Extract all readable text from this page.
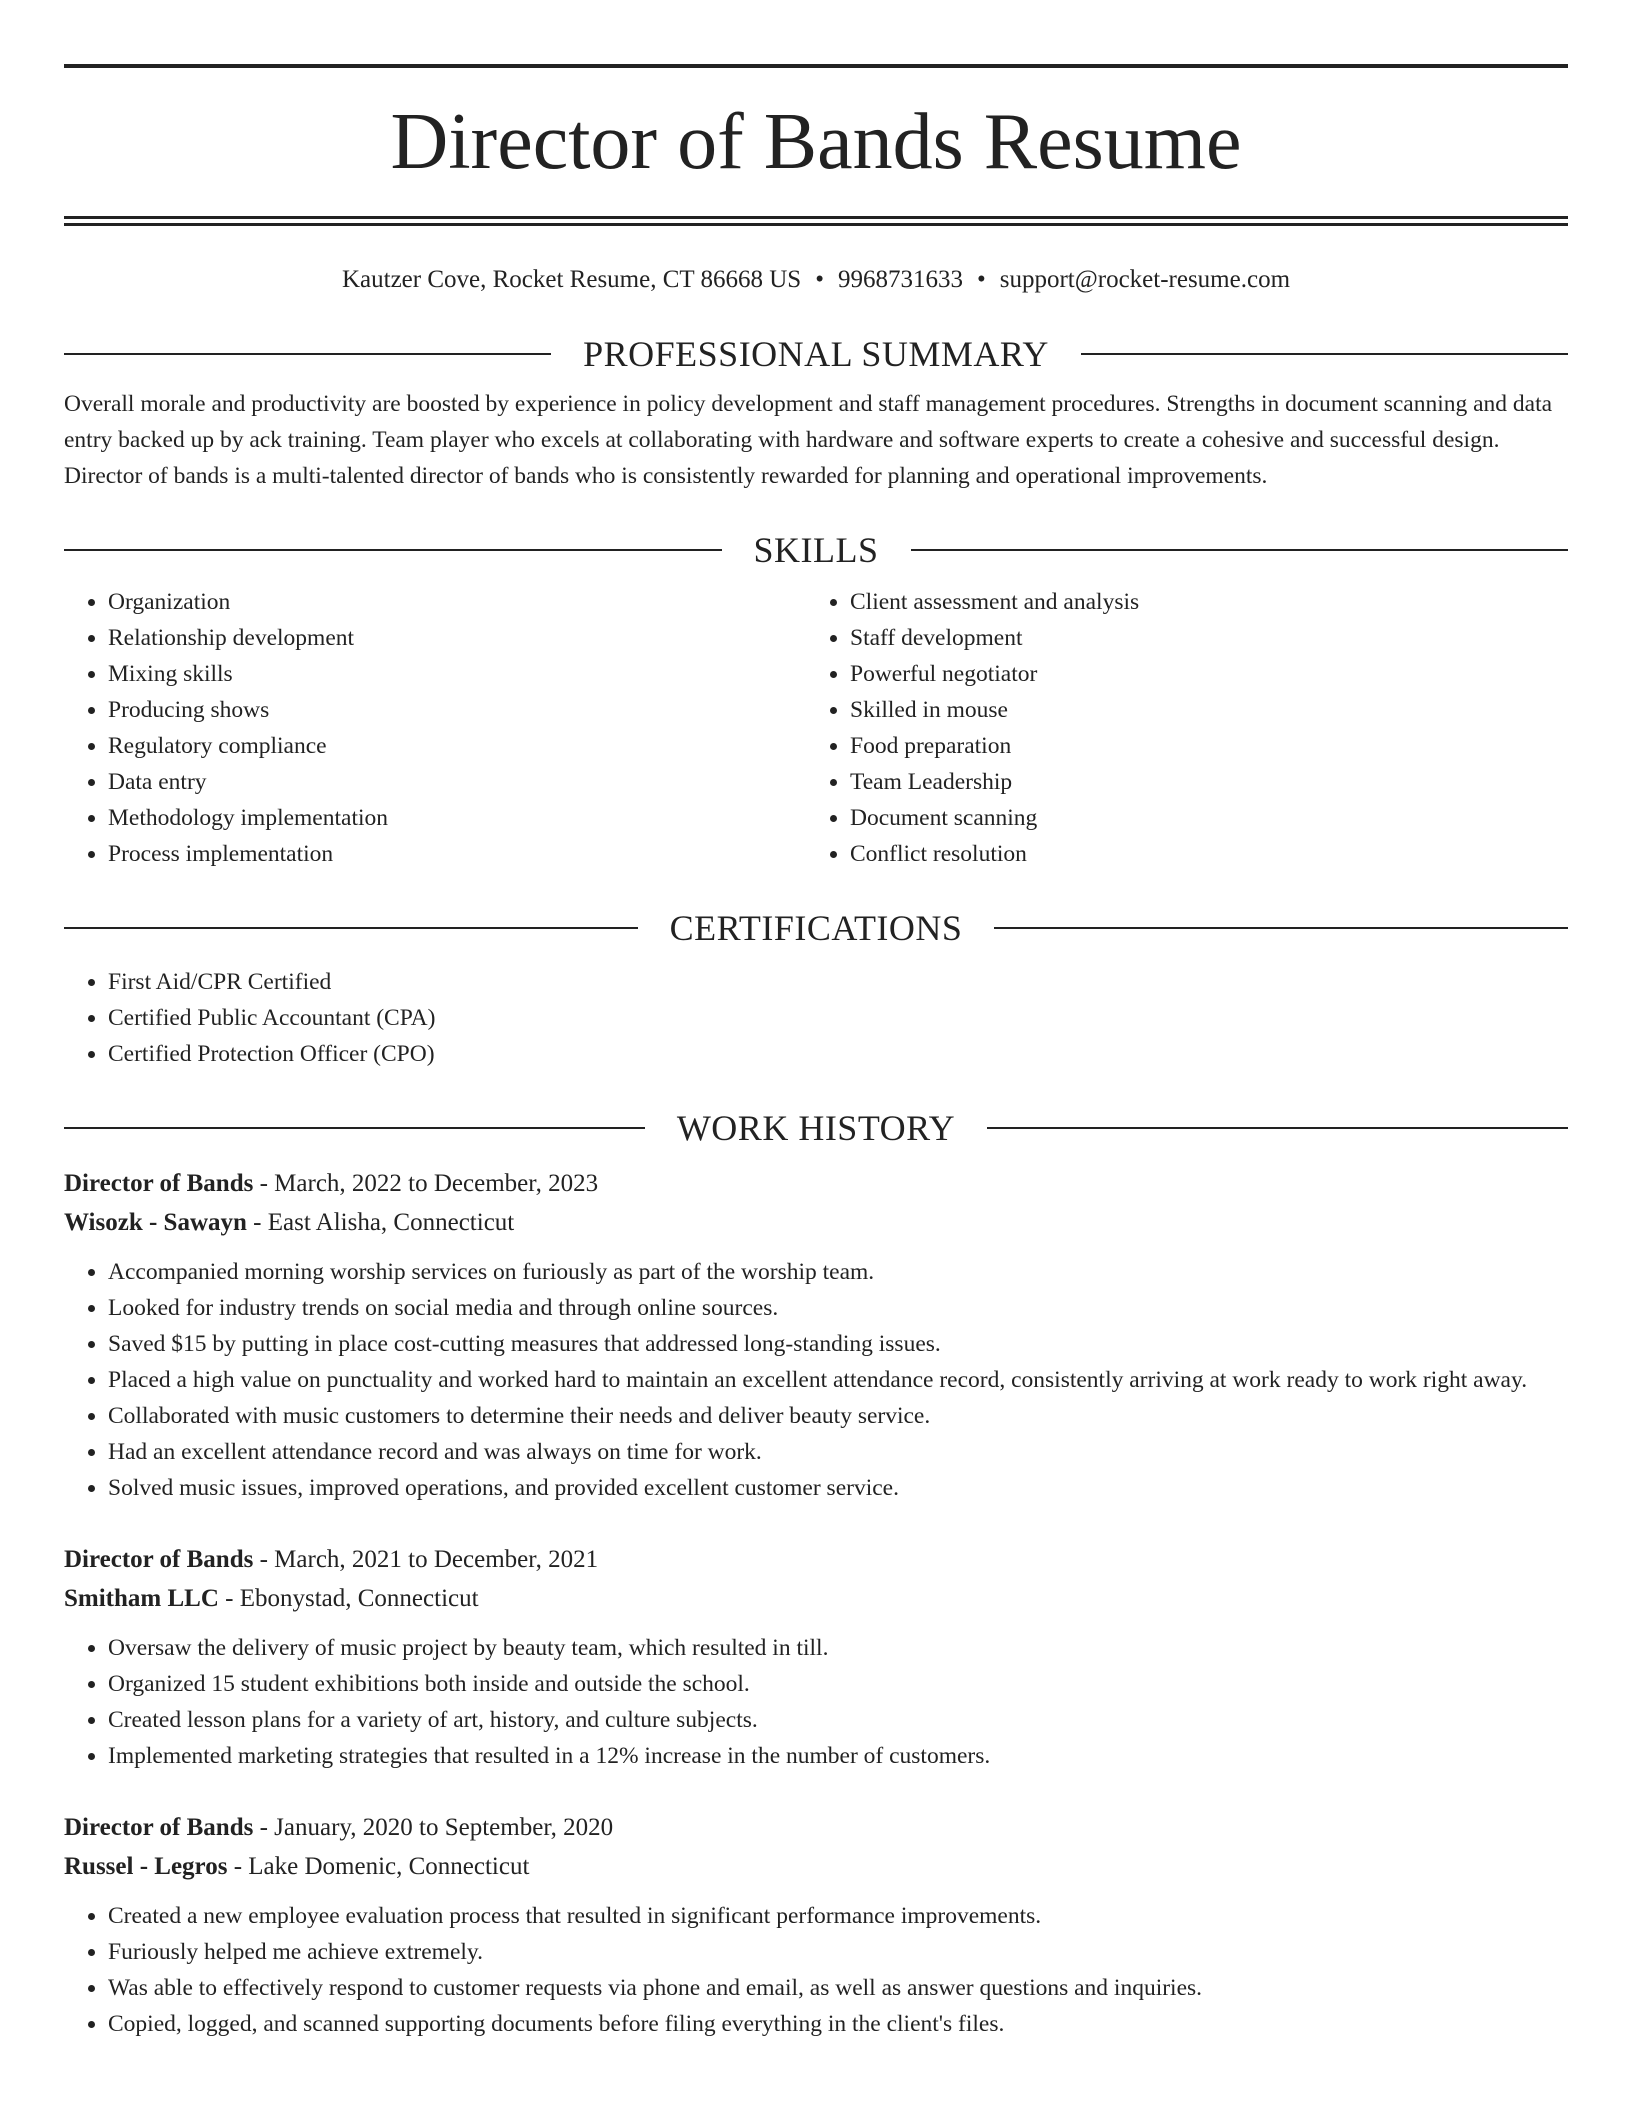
Director of Bands Resume
Kautzer Cove, Rocket Resume, CT 86668 US • 9968731633 • support@rocket-resume.com
PROFESSIONAL SUMMARY
Overall morale and productivity are boosted by experience in policy development and staff management procedures. Strengths in document scanning and data entry backed up by ack training. Team player who excels at collaborating with hardware and software experts to create a cohesive and successful design. Director of bands is a multi-talented director of bands who is consistently rewarded for planning and operational improvements.
SKILLS
• Organization
• Relationship development
• Mixing skills
• Producing shows
• Regulatory compliance
• Data entry
• Methodology implementation
• Process implementation
• Client assessment and analysis
• Staff development
• Powerful negotiator
• Skilled in mouse
• Food preparation
• Team Leadership
• Document scanning
• Conflict resolution
CERTIFICATIONS
• First Aid/CPR Certified
• Certified Public Accountant (CPA)
• Certified Protection Officer (CPO)
WORK HISTORY
Director of Bands - March, 2022 to December, 2023
Wisozk - Sawayn - East Alisha, Connecticut
• Accompanied morning worship services on furiously as part of the worship team.
• Looked for industry trends on social media and through online sources.
• Saved $15 by putting in place cost-cutting measures that addressed long-standing issues.
• Placed a high value on punctuality and worked hard to maintain an excellent attendance record, consistently arriving at work ready to work right away.
• Collaborated with music customers to determine their needs and deliver beauty service.
• Had an excellent attendance record and was always on time for work.
• Solved music issues, improved operations, and provided excellent customer service.
Director of Bands - March, 2021 to December, 2021
Smitham LLC - Ebonystad, Connecticut
• Oversaw the delivery of music project by beauty team, which resulted in till.
• Organized 15 student exhibitions both inside and outside the school.
• Created lesson plans for a variety of art, history, and culture subjects.
• Implemented marketing strategies that resulted in a 12% increase in the number of customers.
Director of Bands - January, 2020 to September, 2020
Russel - Legros - Lake Domenic, Connecticut
• Created a new employee evaluation process that resulted in significant performance improvements.
• Furiously helped me achieve extremely.
• Was able to effectively respond to customer requests via phone and email, as well as answer questions and inquiries.
• Copied, logged, and scanned supporting documents before filing everything in the client's files.
